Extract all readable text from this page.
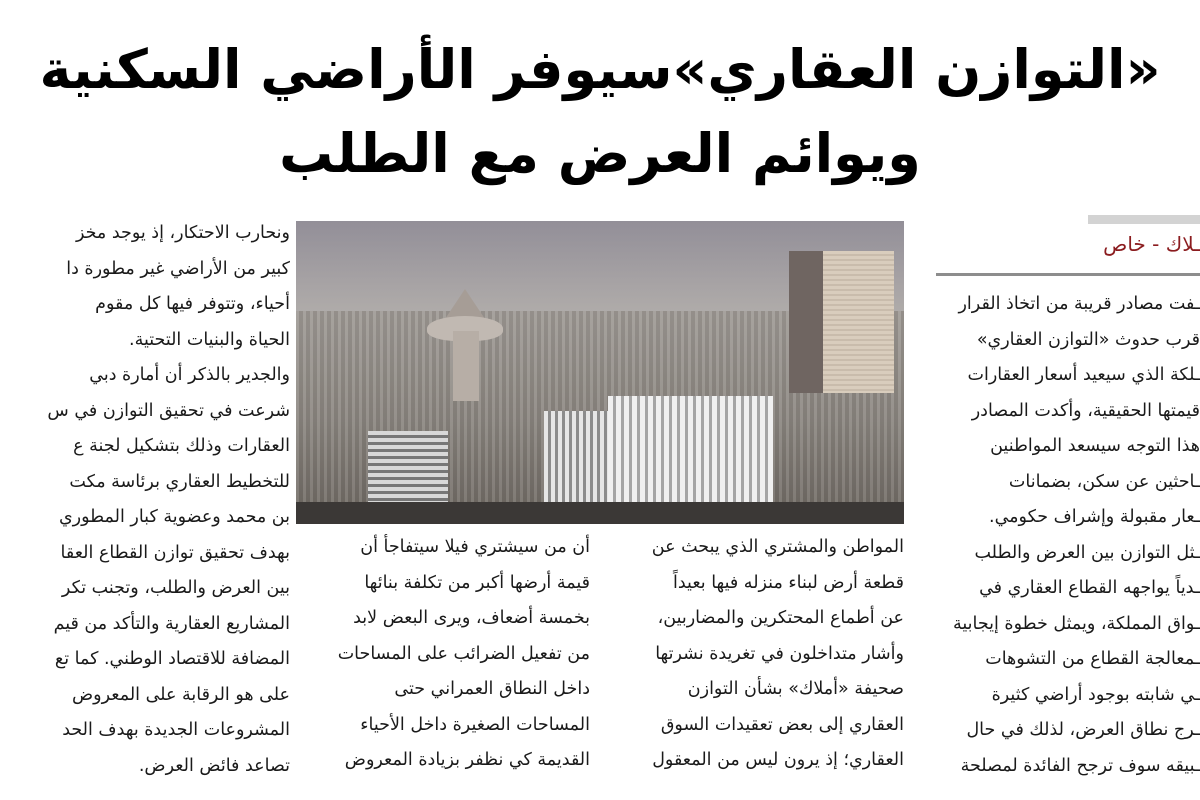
«التوازن العقاري»سيوفر الأراضي السكنية
ويوائم العرض مع الطلب
ونحارب الاحتكار، إذ يوجد مخز
كبير من الأراضي غير مطورة دا
أحياء، وتتوفر فيها كل مقوم
الحياة والبنيات التحتية.
والجدير بالذكر أن أمارة دبي
شرعت في تحقيق التوازن في س
العقارات وذلك بتشكيل لجنة ع
للتخطيط العقاري برئاسة مكت
بن محمد وعضوية كبار المطوري
بهدف تحقيق توازن القطاع العقا
بين العرض والطلب، وتجنب تكر
المشاريع العقارية والتأكد من قيم
المضافة للاقتصاد الوطني. كما تع
على هو الرقابة على المعروض
المشروعات الجديدة بهدف الحد
تصاعد فائض العرض.
أن من سيشتري فيلا سيتفاجأ أن
قيمة أرضها أكبر من تكلفة بنائها
بخمسة أضعاف، ويرى البعض لابد
من تفعيل الضرائب على المساحات
داخل النطاق العمراني حتى
المساحات الصغيرة داخل الأحياء
القديمة كي نظفر بزيادة المعروض
المواطن والمشتري الذي يبحث عن
قطعة أرض لبناء منزله فيها بعيداً
عن أطماع المحتكرين والمضاربين،
وأشار متداخلون في تغريدة نشرتها
صحيفة «أملاك» بشأن التوازن
العقاري إلى بعض تعقيدات السوق
العقاري؛ إذ يرون ليس من المعقول
ـلاك - خاص
ـفت مصادر قريبة من اتخاذ القرار
قرب حدوث «التوازن العقاري»
ـلكة الذي سيعيد أسعار العقارات
قيمتها الحقيقية، وأكدت المصادر
هذا التوجه سيسعد المواطنين
ـاحثين عن سكن، بضمانات
ـعار مقبولة وإشراف حكومي.
ـثل التوازن بين العرض والطلب
ـدياً يواجهه القطاع العقاري في
ـواق المملكة، ويمثل خطوة إيجابية
ـمعالجة القطاع من التشوهات
ـي شابته بوجود أراضي كثيرة
ـرج نطاق العرض، لذلك في حال
ـبيقه سوف ترجح الفائدة لمصلحة
